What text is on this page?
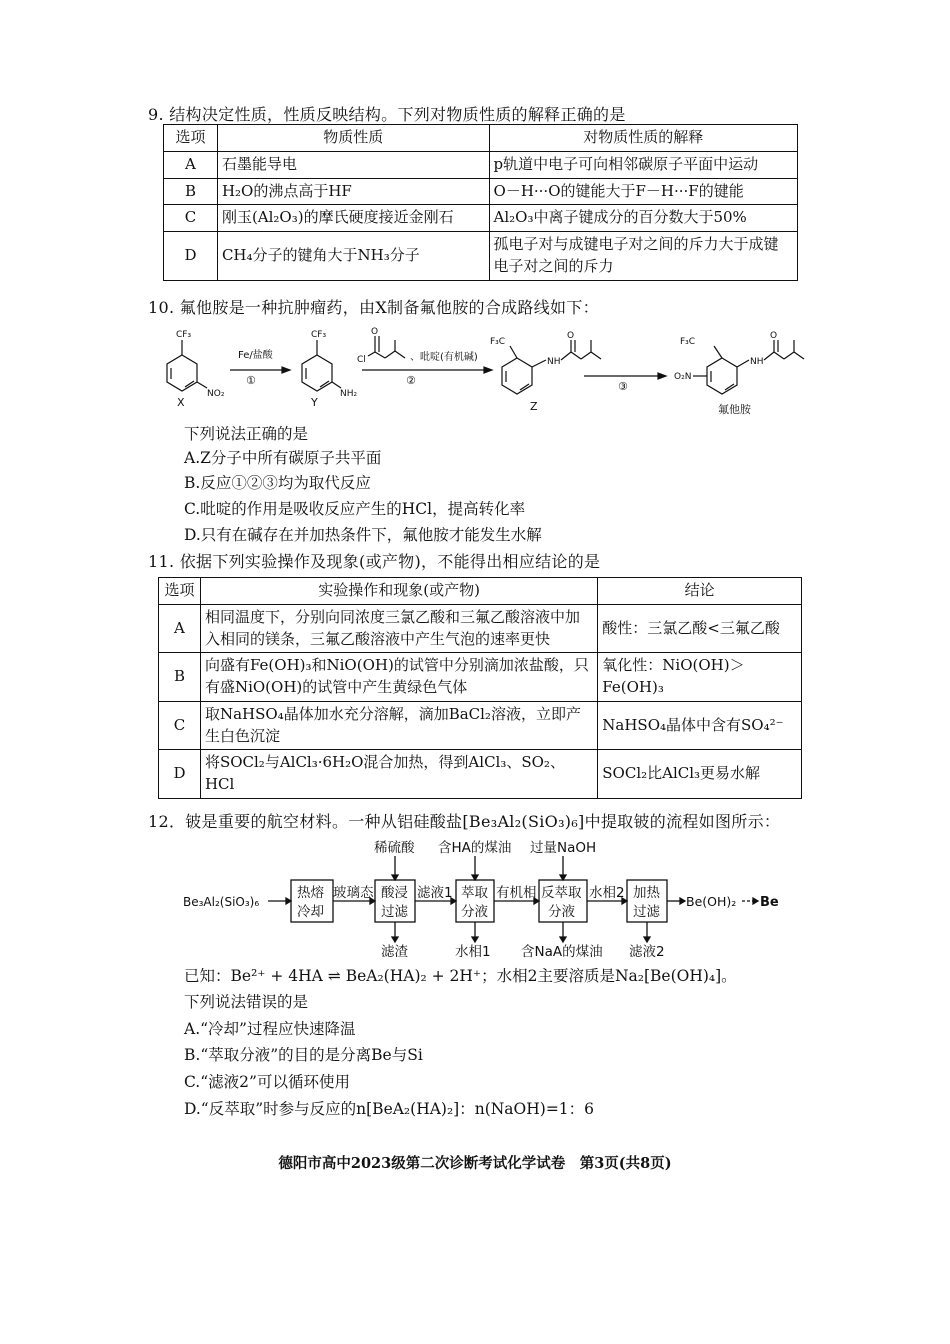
9. 结构决定性质，性质反映结构。下列对物质性质的解释正确的是
选项	物质性质	对物质性质的解释
A	石墨能导电	p轨道中电子可向相邻碳原子平面中运动
B	H₂O的沸点高于HF	O－H···O的键能大于F－H···F的键能
C	刚玉(Al₂O₃)的摩氏硬度接近金刚石	Al₂O₃中离子键成分的百分数大于50%
D	CH₄分子的键角大于NH₃分子	孤电子对与成键电子对之间的斥力大于成键电子对之间的斥力
10. 氟他胺是一种抗肿瘤药，由X制备氟他胺的合成路线如下：
CF₃
NO₂
X
Fe/盐酸
①
CF₃
NH₂
Y
O
Cl	、吡啶(有机碱)
②
F₃C
NH
O
Z
③
F₃C
O₂N
NH
O
氟他胺
下列说法正确的是
A.Z分子中所有碳原子共平面
B.反应①②③均为取代反应
C.吡啶的作用是吸收反应产生的HCl，提高转化率
D.只有在碱存在并加热条件下，氟他胺才能发生水解
11. 依据下列实验操作及现象(或产物)，不能得出相应结论的是
选项	实验操作和现象(或产物)	结论
A	相同温度下，分别向同浓度三氯乙酸和三氟乙酸溶液中加入相同的镁条，三氟乙酸溶液中产生气泡的速率更快	酸性：三氯乙酸<三氟乙酸
B	向盛有Fe(OH)₃和NiO(OH)的试管中分别滴加浓盐酸，只有盛NiO(OH)的试管中产生黄绿色气体	氧化性：NiO(OH)＞Fe(OH)₃
C	取NaHSO₄晶体加水充分溶解，滴加BaCl₂溶液，立即产生白色沉淀	NaHSO₄晶体中含有SO₄²⁻
D	将SOCl₂与AlCl₃·6H₂O混合加热，得到AlCl₃、SO₂、HCl	SOCl₂比AlCl₃更易水解
12．铍是重要的航空材料。一种从铝硅酸盐[Be₃Al₂(SiO₃)₆]中提取铍的流程如图所示：
Be₃Al₂(SiO₃)₆
热熔
冷却
玻璃态 酸浸
过滤
稀硫酸
滤渣
滤液1 萃取
分液
含HA的煤油
水相1
有机相 反萃取
分液
过量NaOH
含NaA的煤油
水相2 加热
过滤
滤液2
Be(OH)₂ Be
已知：Be²⁺ + 4HA ⇌ BeA₂(HA)₂ + 2H⁺；水相2主要溶质是Na₂[Be(OH)₄]。
下列说法错误的是
A.“冷却”过程应快速降温
B.“萃取分液”的目的是分离Be与Si
C.“滤液2”可以循环使用
D.“反萃取”时参与反应的n[BeA₂(HA)₂]：n(NaOH)=1：6
德阳市高中2023级第二次诊断考试化学试卷　第3页(共8页)
